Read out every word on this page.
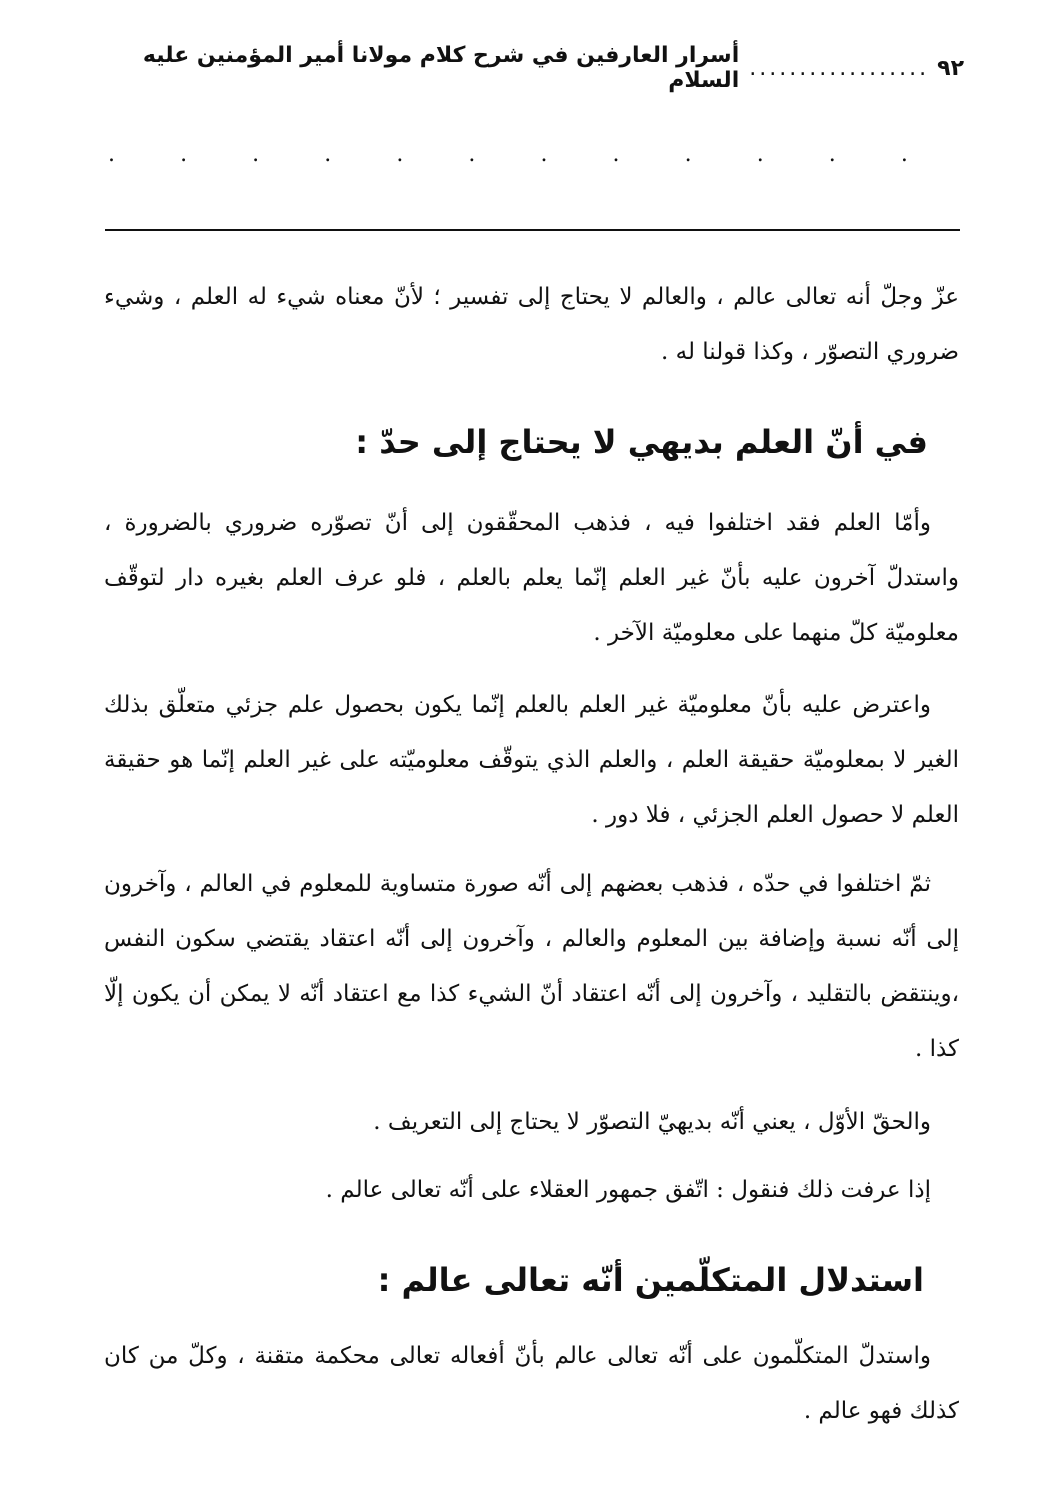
٩٢
..................
أسرار العارفين في شرح كلام مولانا أمير المؤمنين عليه السلام
.	.	.	.	.	.	.	.	.	.	.	.

عزّ وجلّ أنه تعالى عالم ، والعالم لا يحتاج إلى تفسير ؛ لأنّ معناه شيء له العلم ، وشيء ضروري التصوّر ، وكذا قولنا له .

في أنّ العلم بديهي لا يحتاج إلى حدّ :

وأمّا العلم فقد اختلفوا فيه ، فذهب المحقّقون إلى أنّ تصوّره ضروري بالضرورة ، واستدلّ آخرون عليه بأنّ غير العلم إنّما يعلم بالعلم ، فلو عرف العلم بغيره دار لتوقّف معلوميّة كلّ منهما على معلوميّة الآخر .

واعترض عليه بأنّ معلوميّة غير العلم بالعلم إنّما يكون بحصول علم جزئي متعلّق بذلك الغير لا بمعلوميّة حقيقة العلم ، والعلم الذي يتوقّف معلوميّته على غير العلم إنّما هو حقيقة العلم لا حصول العلم الجزئي ، فلا دور .

ثمّ اختلفوا في حدّه ، فذهب بعضهم إلى أنّه صورة متساوية للمعلوم في العالم ، وآخرون إلى أنّه نسبة وإضافة بين المعلوم والعالم ، وآخرون إلى أنّه اعتقاد يقتضي سكون النفس ،وينتقض بالتقليد ، وآخرون إلى أنّه اعتقاد أنّ الشيء كذا مع اعتقاد أنّه لا يمكن أن يكون إلّا كذا .

والحقّ الأوّل ، يعني أنّه بديهيّ التصوّر لا يحتاج إلى التعريف .

إذا عرفت ذلك فنقول : اتّفق جمهور العقلاء على أنّه تعالى عالم .

استدلال المتكلّمين أنّه تعالى عالم :

واستدلّ المتكلّمون على أنّه تعالى عالم بأنّ أفعاله تعالى محكمة متقنة ، وكلّ من كان كذلك فهو عالم .
